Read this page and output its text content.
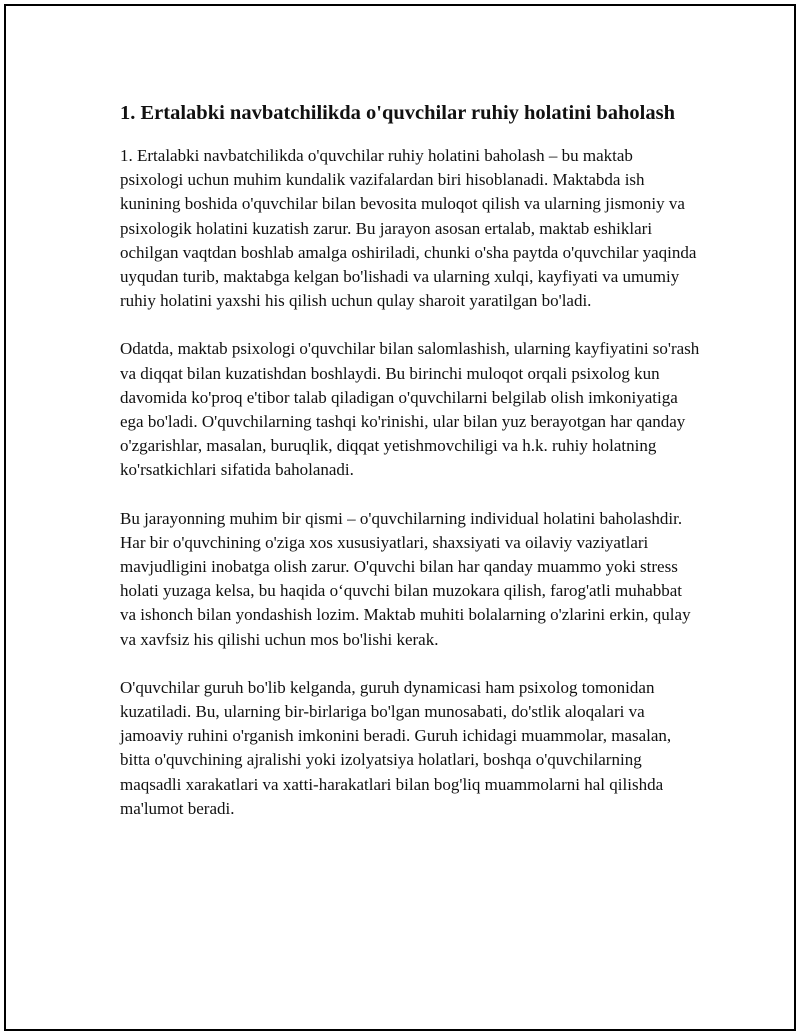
1. Ertalabki navbatchilikda o'quvchilar ruhiy holatini baholash

1. Ertalabki navbatchilikda o'quvchilar ruhiy holatini baholash – bu maktab psixologi uchun muhim kundalik vazifalardan biri hisoblanadi. Maktabda ish kunining boshida o'quvchilar bilan bevosita muloqot qilish va ularning jismoniy va psixologik holatini kuzatish zarur. Bu jarayon asosan ertalab, maktab eshiklari ochilgan vaqtdan boshlab amalga oshiriladi, chunki o'sha paytda o'quvchilar yaqinda uyqudan turib, maktabga kelgan bo'lishadi va ularning xulqi, kayfiyati va umumiy ruhiy holatini yaxshi his qilish uchun qulay sharoit yaratilgan bo'ladi.

Odatda, maktab psixologi o'quvchilar bilan salomlashish, ularning kayfiyatini so'rash va diqqat bilan kuzatishdan boshlaydi. Bu birinchi muloqot orqali psixolog kun davomida ko'proq e'tibor talab qiladigan o'quvchilarni belgilab olish imkoniyatiga ega bo'ladi. O'quvchilarning tashqi ko'rinishi, ular bilan yuz berayotgan har qanday o'zgarishlar, masalan, buruqlik, diqqat yetishmovchiligi va h.k. ruhiy holatning ko'rsatkichlari sifatida baholanadi.

Bu jarayonning muhim bir qismi – o'quvchilarning individual holatini baholashdir. Har bir o'quvchining o'ziga xos xususiyatlari, shaxsiyati va oilaviy vaziyatlari mavjudligini inobatga olish zarur. O'quvchi bilan har qanday muammo yoki stress holati yuzaga kelsa, bu haqida o‘quvchi bilan muzokara qilish, farog'atli muhabbat va ishonch bilan yondashish lozim. Maktab muhiti bolalarning o'zlarini erkin, qulay va xavfsiz his qilishi uchun mos bo'lishi kerak.

O'quvchilar guruh bo'lib kelganda, guruh dynamicasi ham psixolog tomonidan kuzatiladi. Bu, ularning bir-birlariga bo'lgan munosabati, do'stlik aloqalari va jamoaviy ruhini o'rganish imkonini beradi. Guruh ichidagi muammolar, masalan, bitta o'quvchining ajralishi yoki izolyatsiya holatlari, boshqa o'quvchilarning maqsadli xarakatlari va xatti-harakatlari bilan bog'liq muammolarni hal qilishda ma'lumot beradi.
